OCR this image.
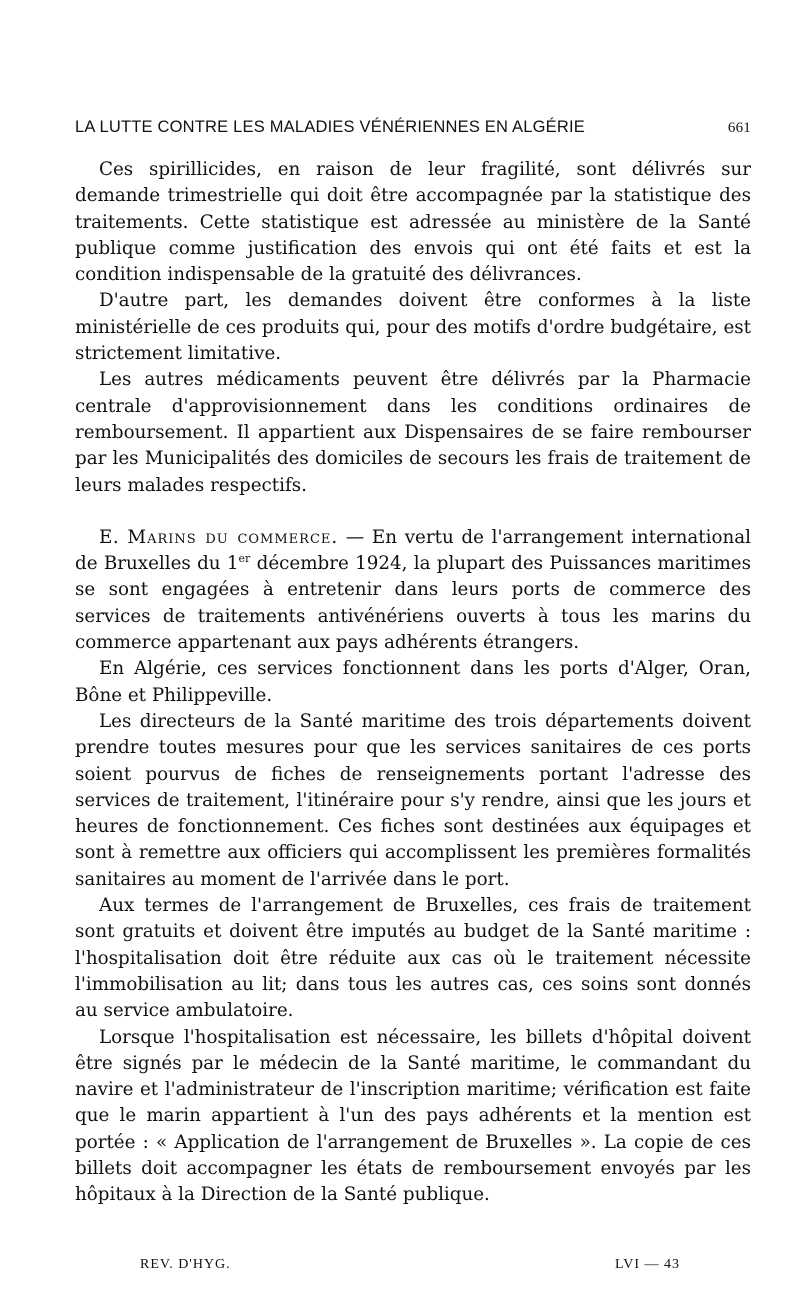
LA LUTTE CONTRE LES MALADIES VÉNÉRIENNES EN ALGÉRIE	661

Ces spirillicides, en raison de leur fragilité, sont délivrés sur demande trimestrielle qui doit être accompagnée par la statistique des traitements. Cette statistique est adressée au ministère de la Santé publique comme justification des envois qui ont été faits et est la condition indispensable de la gratuité des délivrances.

D'autre part, les demandes doivent être conformes à la liste ministérielle de ces produits qui, pour des motifs d'ordre budgétaire, est strictement limitative.

Les autres médicaments peuvent être délivrés par la Pharmacie centrale d'approvisionnement dans les conditions ordinaires de remboursement. Il appartient aux Dispensaires de se faire rembourser par les Municipalités des domiciles de secours les frais de traitement de leurs malades respectifs.

E. Marins du commerce. — En vertu de l'arrangement international de Bruxelles du 1er décembre 1924, la plupart des Puissances maritimes se sont engagées à entretenir dans leurs ports de commerce des services de traitements antivénériens ouverts à tous les marins du commerce appartenant aux pays adhérents étrangers.

En Algérie, ces services fonctionnent dans les ports d'Alger, Oran, Bône et Philippeville.

Les directeurs de la Santé maritime des trois départements doivent prendre toutes mesures pour que les services sanitaires de ces ports soient pourvus de fiches de renseignements portant l'adresse des services de traitement, l'itinéraire pour s'y rendre, ainsi que les jours et heures de fonctionnement. Ces fiches sont destinées aux équipages et sont à remettre aux officiers qui accomplissent les premières formalités sanitaires au moment de l'arrivée dans le port.

Aux termes de l'arrangement de Bruxelles, ces frais de traitement sont gratuits et doivent être imputés au budget de la Santé maritime : l'hospitalisation doit être réduite aux cas où le traitement nécessite l'immobilisation au lit; dans tous les autres cas, ces soins sont donnés au service ambulatoire.

Lorsque l'hospitalisation est nécessaire, les billets d'hôpital doivent être signés par le médecin de la Santé maritime, le commandant du navire et l'administrateur de l'inscription maritime; vérification est faite que le marin appartient à l'un des pays adhérents et la mention est portée : « Application de l'arrangement de Bruxelles ». La copie de ces billets doit accompagner les états de remboursement envoyés par les hôpitaux à la Direction de la Santé publique.

REV. D'HYG.	LVI — 43
